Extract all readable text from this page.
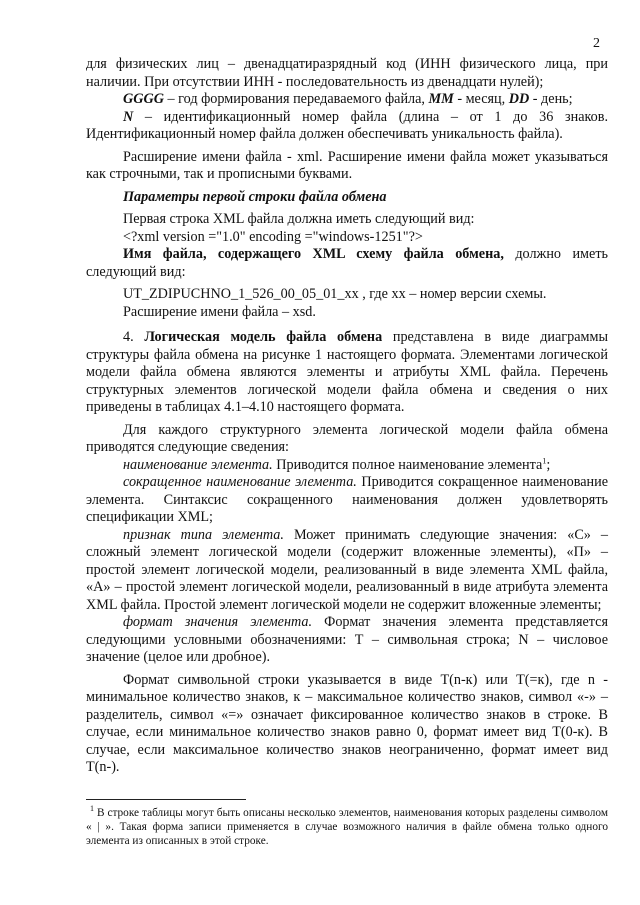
2

для физических лиц – двенадцатиразрядный код (ИНН физического лица, при наличии. При отсутствии ИНН - последовательность из двенадцати нулей);

GGGG – год формирования передаваемого файла, MM - месяц, DD - день;

N – идентификационный номер файла (длина – от 1 до 36 знаков. Идентификационный номер файла должен обеспечивать уникальность файла).

Расширение имени файла - xml. Расширение имени файла может указываться как строчными, так и прописными буквами.

Параметры первой строки файла обмена

Первая строка XML файла должна иметь следующий вид:

<?xml version ="1.0" encoding ="windows-1251"?>

Имя файла, содержащего XML схему файла обмена, должно иметь следующий вид:

UT_ZDIPUCHNO_1_526_00_05_01_xx , где xx – номер версии схемы.

Расширение имени файла – xsd.

4. Логическая модель файла обмена представлена в виде диаграммы структуры файла обмена на рисунке 1 настоящего формата. Элементами логической модели файла обмена являются элементы и атрибуты XML файла. Перечень структурных элементов логической модели файла обмена и сведения о них приведены в таблицах 4.1–4.10 настоящего формата.

Для каждого структурного элемента логической модели файла обмена приводятся следующие сведения:

наименование элемента. Приводится полное наименование элемента$^1$;

сокращенное наименование элемента. Приводится сокращенное наименование элемента. Синтаксис сокращенного наименования должен удовлетворять спецификации XML;

признак типа элемента. Может принимать следующие значения: «С» – сложный элемент логической модели (содержит вложенные элементы), «П» – простой элемент логической модели, реализованный в виде элемента XML файла, «А» – простой элемент логической модели, реализованный в виде атрибута элемента XML файла. Простой элемент логической модели не содержит вложенные элементы;

формат значения элемента. Формат значения элемента представляется следующими условными обозначениями: Т – символьная строка; N – числовое значение (целое или дробное).

Формат символьной строки указывается в виде Т(n-к) или Т(=к), где n - минимальное количество знаков, к – максимальное количество знаков, символ «-» – разделитель, символ «=» означает фиксированное количество знаков в строке. В случае, если минимальное количество знаков равно 0, формат имеет вид Т(0-к). В случае, если максимальное количество знаков неограниченно, формат имеет вид Т(n-).

$^1$ В строке таблицы могут быть описаны несколько элементов, наименования которых разделены символом « | ». Такая форма записи применяется в случае возможного наличия в файле обмена только одного элемента из описанных в этой строке.
